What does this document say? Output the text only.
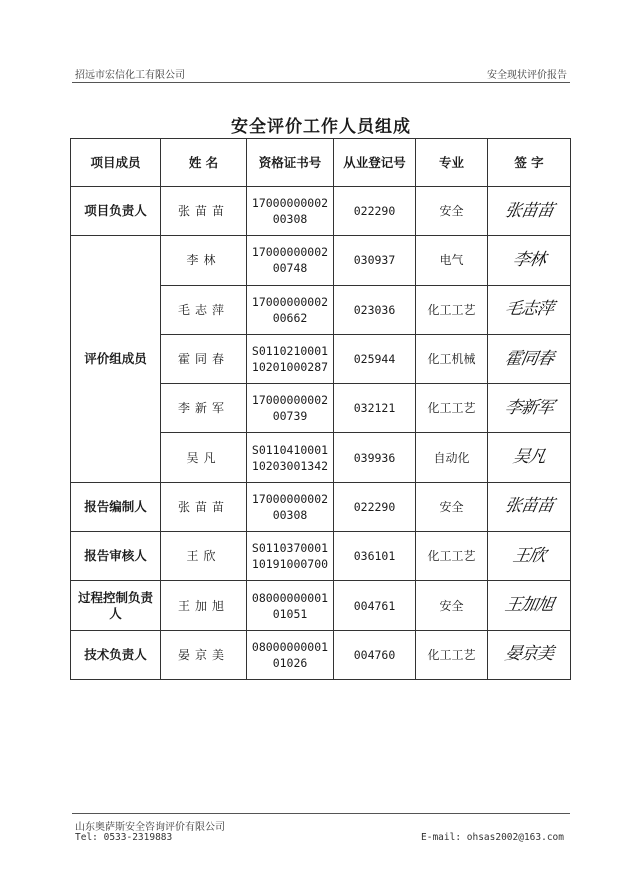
招远市宏信化工有限公司	安全现状评价报告
安全评价工作人员组成
项目成员	姓 名	资格证书号	从业登记号	专业	签 字
项目负责人	张苗苗	17000000002
00308	022290	安全	张苗苗
评价组成员	李林	17000000002
00748	030937	电气	李林
	毛志萍	17000000002
00662	023036	化工工艺	毛志萍
	霍同春	S0110210001
10201000287	025944	化工机械	霍同春
	李新军	17000000002
00739	032121	化工工艺	李新军
	吴凡	S0110410001
10203001342	039936	自动化	吴凡
报告编制人	张苗苗	17000000002
00308	022290	安全	张苗苗
报告审核人	王欣	S0110370001
10191000700	036101	化工工艺	王欣
过程控制负责人	王加旭	08000000001
01051	004761	安全	王加旭
技术负责人	晏京美	08000000001
01026	004760	化工工艺	晏京美
山东奥萨斯安全咨询评价有限公司
Tel: 0533-2319883	E-mail: ohsas2002@163.com
